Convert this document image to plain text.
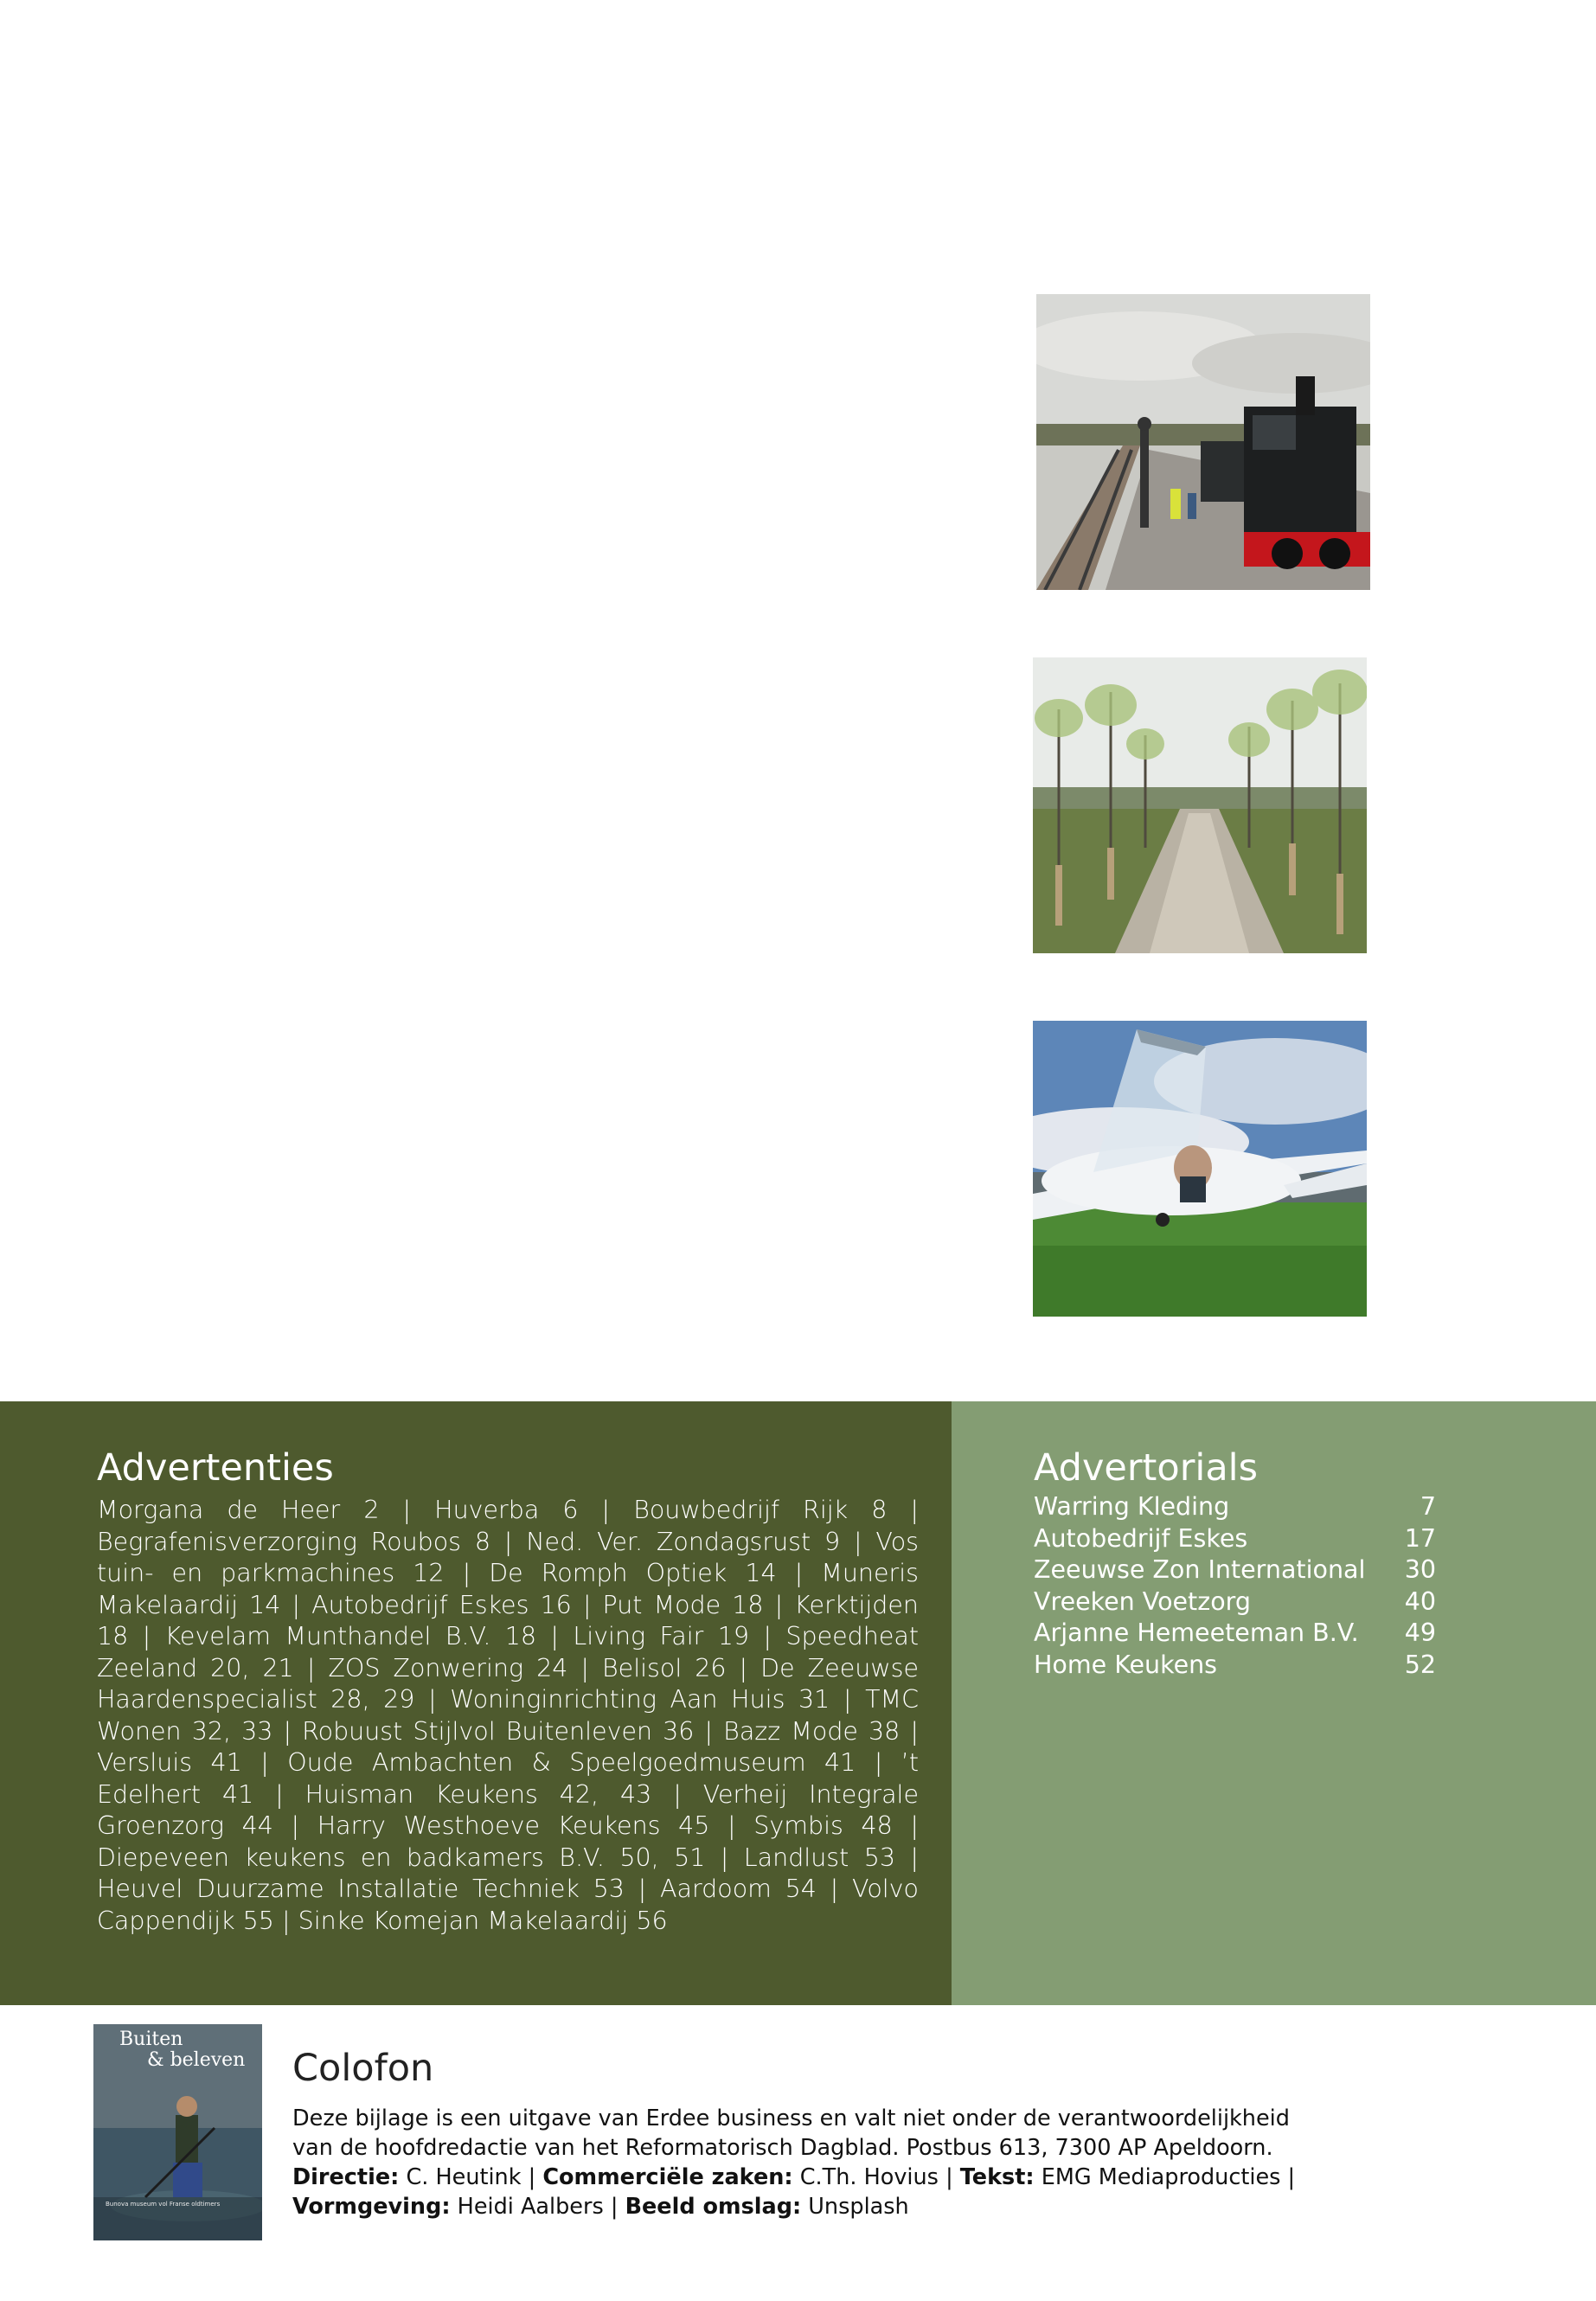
Advertenties

Morgana de Heer 2 | Huverba 6 | Bouwbedrijf Rijk 8 | Begrafenisverzorging Roubos 8 | Ned. Ver. Zondagsrust 9 | Vos tuin- en parkmachines 12 | De Romph Optiek 14 | Muneris Makelaardij 14 | Autobedrijf Eskes 16 | Put Mode 18 | Kerktijden 18 | Kevelam Munthandel B.V. 18 | Living Fair 19 | Speedheat Zeeland 20, 21 | ZOS Zonwering 24 | Belisol 26 | De Zeeuwse Haardenspecialist 28, 29 | Woninginrichting Aan Huis 31 | TMC Wonen 32, 33 | Robuust Stijlvol Buitenleven 36 | Bazz Mode 38 | Versluis 41 | Oude Ambachten & Speelgoedmuseum 41 | ’t Edelhert 41 | Huisman Keukens 42, 43 | Verheij Integrale Groenzorg 44 | Harry Westhoeve Keukens 45 | Symbis 48 | Diepeveen keukens en badkamers B.V. 50, 51 | Landlust 53 | Heuvel Duurzame Installatie Techniek 53 | Aardoom 54 | Volvo Cappendijk 55 | Sinke Komejan Makelaardij 56

Advertorials
Warring Kleding	7
Autobedrijf Eskes	17
Zeeuwse Zon International 30
Vreeken Voetzorg	40
Arjanne Hemeeteman B.V. 49
Home Keukens	52

Buiten
& beleven

Bunova museum vol Franse oldtimers

Colofon

Deze bijlage is een uitgave van Erdee business en valt niet onder de verantwoordelijkheid van de hoofdredactie van het Reformatorisch Dagblad. Postbus 613, 7300 AP Apeldoorn.
Directie: C. Heutink | Commerciële zaken: C.Th. Hovius | Tekst: EMG Mediaproducties |
Vormgeving: Heidi Aalbers | Beeld omslag: Unsplash
